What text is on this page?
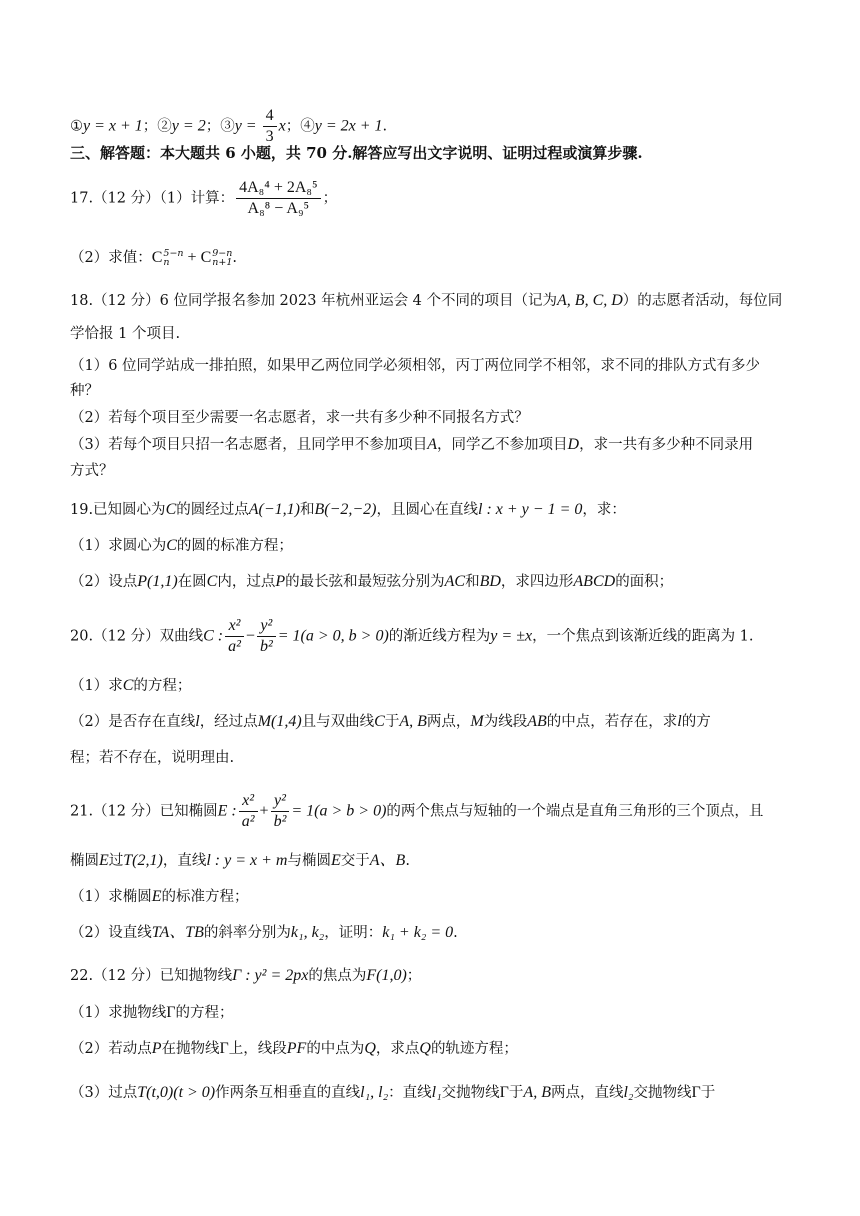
①y = x + 1；②y = 2；③y = $\frac{4}{3}$ x；④y = 2x + 1.
三、解答题：本大题共 6 小题，共 70 分.解答应写出文字说明、证明过程或演算步骤.
17.（12 分）（1）计算： $\frac{\text{4A₈⁴ + 2A₈⁵}}{\text{A₈⁸ − A₉⁵}}$ ；
（2）求值：C 5−n
n + C 9−n
n+1 .
18.（12 分）6 位同学报名参加 2023 年杭州亚运会 4 个不同的项目（记为A, B, C, D）的志愿者活动，每位同
学恰报 1 个项目.
（1）6 位同学站成一排拍照，如果甲乙两位同学必须相邻，丙丁两位同学不相邻，求不同的排队方式有多少
种？
（2）若每个项目至少需要一名志愿者，求一共有多少种不同报名方式？
（3）若每个项目只招一名志愿者，且同学甲不参加项目A，同学乙不参加项目D，求一共有多少种不同录用
方式？
19.已知圆心为C的圆经过点A(−1,1)和B(−2,−2)，且圆心在直线l : x + y − 1 = 0，求：
（1）求圆心为C的圆的标准方程；
（2）设点P(1,1)在圆C内，过点P的最长弦和最短弦分别为AC和BD，求四边形ABCD的面积；
20.（12 分）双曲线C : $\frac{\text{x²}}{\text{a²}} - \frac{\text{y²}}{\text{b²}} = 1(a > 0$, b > 0)的渐近线方程为y = ±x，一个焦点到该渐近线的距离为 1.
（1）求C的方程；
（2）是否存在直线l，经过点M(1,4)且与双曲线C于A, B两点，M为线段AB的中点，若存在，求l的方
程；若不存在，说明理由.
21.（12 分）已知椭圆E : $\frac{\text{x²}}{\text{a²}} + \frac{\text{y²}}{\text{b²}} = 1(a > b > 0)$的两个焦点与短轴的一个端点是直角三角形的三个顶点，且
椭圆E过T(2,1)，直线l : y = x + m与椭圆E交于A、B.
（1）求椭圆E的标准方程；
（2）设直线TA、TB的斜率分别为k₁, k₂，证明：k₁ + k₂ = 0.
22.（12 分）已知抛物线Γ : y² = 2px的焦点为F(1,0)；
（1）求抛物线Γ的方程；
（2）若动点P在抛物线Γ上，线段PF的中点为Q，求点Q的轨迹方程；
（3）过点T(t,0)(t > 0)作两条互相垂直的直线l₁, l₂：直线l₁交抛物线Γ于A, B两点，直线l₂交抛物线Γ于
